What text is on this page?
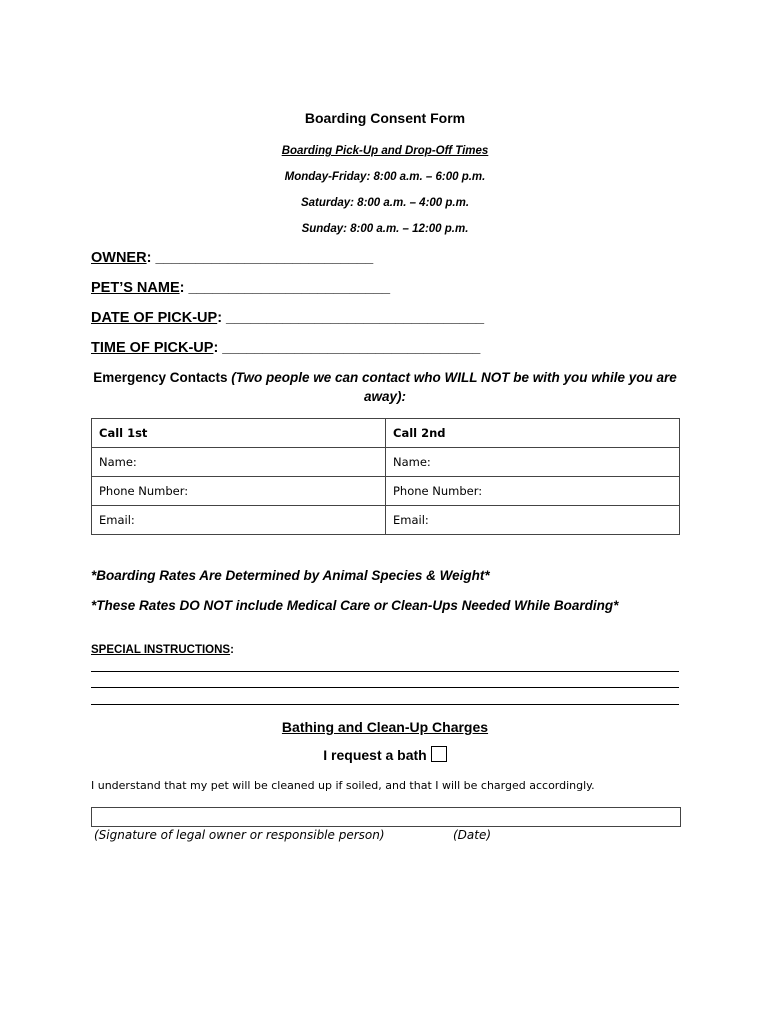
Boarding Consent Form
Boarding Pick-Up and Drop-Off Times
Monday-Friday: 8:00 a.m. – 6:00 p.m.
Saturday: 8:00 a.m. – 4:00 p.m.
Sunday: 8:00 a.m. – 12:00 p.m.
OWNER: ___________________________
PET’S NAME: _________________________
DATE OF PICK-UP: ________________________________
TIME OF PICK-UP: ________________________________
Emergency Contacts (Two people we can contact who WILL NOT be with you while you are away):
Call 1st	Call 2nd
Name:	Name:
Phone Number:	Phone Number:
Email:	Email:
*Boarding Rates Are Determined by Animal Species & Weight*
*These Rates DO NOT include Medical Care or Clean-Ups Needed While Boarding*
SPECIAL INSTRUCTIONS:
Bathing and Clean-Up Charges
I request a bath
I understand that my pet will be cleaned up if soiled, and that I will be charged accordingly.
(Signature of legal owner or responsible person)	(Date)
